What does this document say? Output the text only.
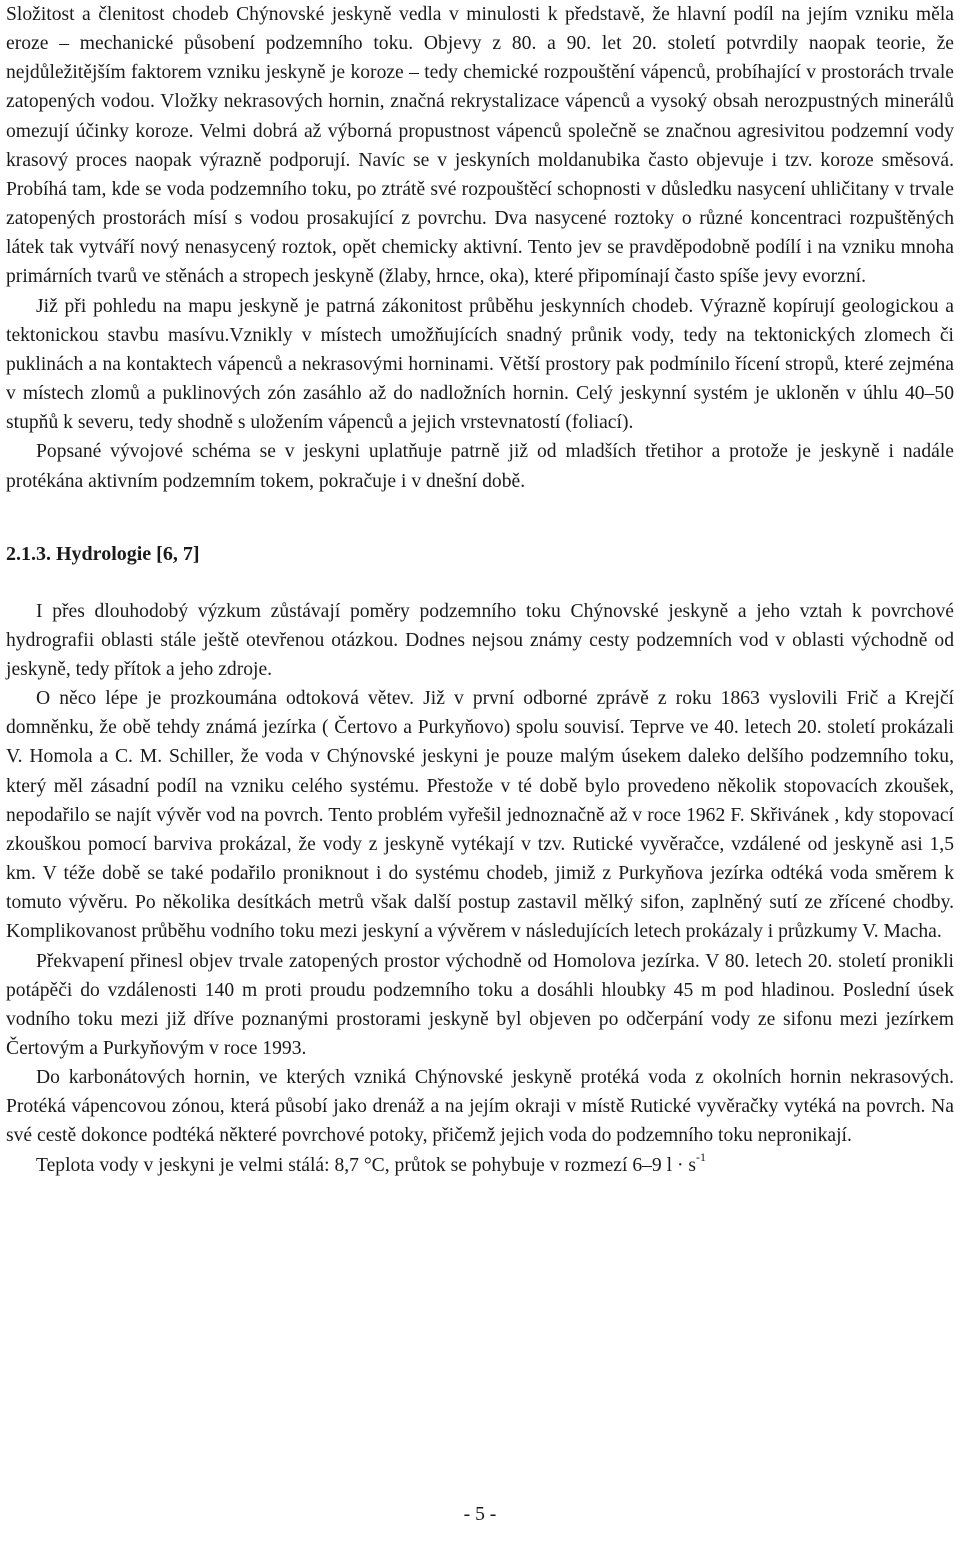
Složitost a členitost chodeb Chýnovské jeskyně vedla v minulosti k představě, že hlavní podíl na jejím vzniku měla eroze – mechanické působení podzemního toku. Objevy z 80. a 90. let 20. století potvrdily naopak teorie, že nejdůležitějším faktorem vzniku jeskyně je koroze – tedy chemické rozpouštění vápenců, probíhající v prostorách trvale zatopených vodou. Vložky nekrasových hornin, značná rekrystalizace vápenců a vysoký obsah nerozpustných minerálů omezují účinky koroze. Velmi dobrá až výborná propustnost vápenců společně se značnou agresivitou podzemní vody krasový proces naopak výrazně podporují. Navíc se v jeskyních moldanubika často objevuje i tzv. koroze směsová. Probíhá tam, kde se voda podzemního toku, po ztrátě své rozpouštěcí schopnosti v důsledku nasycení uhličitany v trvale zatopených prostorách mísí s vodou prosakující z povrchu. Dva nasycené roztoky o různé koncentraci rozpuštěných látek tak vytváří nový nenasycený roztok, opět chemicky aktivní. Tento jev se pravděpodobně podílí i na vzniku mnoha primárních tvarů ve stěnách a stropech jeskyně (žlaby, hrnce, oka), které připomínají často spíše jevy evorzní.

Již při pohledu na mapu jeskyně je patrná zákonitost průběhu jeskynních chodeb. Výrazně kopírují geologickou a tektonickou stavbu masívu.Vznikly v místech umožňujících snadný průnik vody, tedy na tektonických zlomech či puklinách a na kontaktech vápenců a nekrasovými horninami. Větší prostory pak podmínilo řícení stropů, které zejména v místech zlomů a puklinových zón zasáhlo až do nadložních hornin. Celý jeskynní systém je ukloněn v úhlu 40–50 stupňů k severu, tedy shodně s uložením vápenců a jejich vrstevnatostí (foliací).

Popsané vývojové schéma se v jeskyni uplatňuje patrně již od mladších třetihor a protože je jeskyně i nadále protékána aktivním podzemním tokem, pokračuje i v dnešní době.

2.1.3. Hydrologie [6, 7]

I přes dlouhodobý výzkum zůstávají poměry podzemního toku Chýnovské jeskyně a jeho vztah k povrchové hydrografii oblasti stále ještě otevřenou otázkou. Dodnes nejsou známy cesty podzemních vod v oblasti východně od jeskyně, tedy přítok a jeho zdroje.

O něco lépe je prozkoumána odtoková větev. Již v první odborné zprávě z roku 1863 vyslovili Frič a Krejčí domněnku, že obě tehdy známá jezírka ( Čertovo a Purkyňovo) spolu souvisí. Teprve ve 40. letech 20. století prokázali V. Homola a C. M. Schiller, že voda v Chýnovské jeskyni je pouze malým úsekem daleko delšího podzemního toku, který měl zásadní podíl na vzniku celého systému. Přestože v té době bylo provedeno několik stopovacích zkoušek, nepodařilo se najít vývěr vod na povrch. Tento problém vyřešil jednoznačně až v roce 1962 F. Skřivánek , kdy stopovací zkouškou pomocí barviva prokázal, že vody z jeskyně vytékají v tzv. Rutické vyvěračce, vzdálené od jeskyně asi 1,5 km. V téže době se také podařilo proniknout i do systému chodeb, jimiž z Purkyňova jezírka odtéká voda směrem k tomuto vývěru. Po několika desítkách metrů však další postup zastavil mělký sifon, zaplněný sutí ze zřícené chodby. Komplikovanost průběhu vodního toku mezi jeskyní a vývěrem v následujících letech prokázaly i průzkumy V. Macha.

Překvapení přinesl objev trvale zatopených prostor východně od Homolova jezírka. V 80. letech 20. století pronikli potápěči do vzdálenosti 140 m proti proudu podzemního toku a dosáhli hloubky 45 m pod hladinou. Poslední úsek vodního toku mezi již dříve poznanými prostorami jeskyně byl objeven po odčerpání vody ze sifonu mezi jezírkem Čertovým a Purkyňovým v roce 1993.

Do karbonátových hornin, ve kterých vzniká Chýnovské jeskyně protéká voda z okolních hornin nekrasových. Protéká vápencovou zónou, která působí jako drenáž a na jejím okraji v místě Rutické vyvěračky vytéká na povrch. Na své cestě dokonce podtéká některé povrchové potoky, přičemž jejich voda do podzemního toku nepronikají.

Teplota vody v jeskyni je velmi stálá: 8,7 °C, průtok se pohybuje v rozmezí 6–9 $l \cdot s^{-1}$

- 5 -
